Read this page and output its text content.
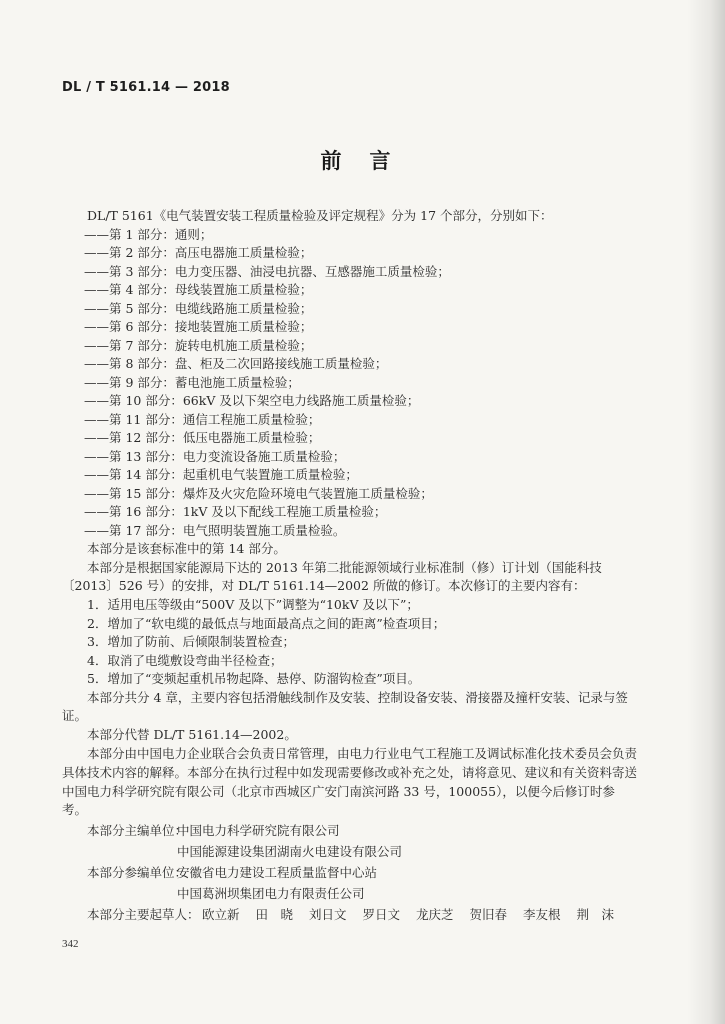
DL / T 5161.14 — 2018
前言
DL/T 5161《电气装置安装工程质量检验及评定规程》分为 17 个部分，分别如下：
——第 1 部分：通则；
——第 2 部分：高压电器施工质量检验；
——第 3 部分：电力变压器、油浸电抗器、互感器施工质量检验；
——第 4 部分：母线装置施工质量检验；
——第 5 部分：电缆线路施工质量检验；
——第 6 部分：接地装置施工质量检验；
——第 7 部分：旋转电机施工质量检验；
——第 8 部分：盘、柜及二次回路接线施工质量检验；
——第 9 部分：蓄电池施工质量检验；
——第 10 部分：66kV 及以下架空电力线路施工质量检验；
——第 11 部分：通信工程施工质量检验；
——第 12 部分：低压电器施工质量检验；
——第 13 部分：电力变流设备施工质量检验；
——第 14 部分：起重机电气装置施工质量检验；
——第 15 部分：爆炸及火灾危险环境电气装置施工质量检验；
——第 16 部分：1kV 及以下配线工程施工质量检验；
——第 17 部分：电气照明装置施工质量检验。
本部分是该套标准中的第 14 部分。

本部分是根据国家能源局下达的 2013 年第二批能源领域行业标准制（修）订计划（国能科技〔2013〕526 号）的安排，对 DL/T 5161.14—2002 所做的修订。本次修订的主要内容有：

1．适用电压等级由“500V 及以下”调整为“10kV 及以下”；
2．增加了“软电缆的最低点与地面最高点之间的距离”检查项目；
3．增加了防前、后倾限制装置检查；
4．取消了电缆敷设弯曲半径检查；
5．增加了“变频起重机吊物起降、悬停、防溜钩检查”项目。

本部分共分 4 章，主要内容包括滑触线制作及安装、控制设备安装、滑接器及撞杆安装、记录与签证。

本部分代替 DL/T 5161.14—2002。

本部分由中国电力企业联合会负责日常管理，由电力行业电气工程施工及调试标准化技术委员会负责具体技术内容的解释。本部分在执行过程中如发现需要修改或补充之处，请将意见、建议和有关资料寄送中国电力科学研究院有限公司（北京市西城区广安门南滨河路 33 号，100055），以便今后修订时参考。

本部分主编单位：
中国电力科学研究院有限公司
中国能源建设集团湖南火电建设有限公司
本部分参编单位：
安徽省电力建设工程质量监督中心站
中国葛洲坝集团电力有限责任公司
本部分主要起草人： 欧立新 田　晓 刘日文 罗日文 龙庆芝 贺旧春 李友根 荆　沫
342
